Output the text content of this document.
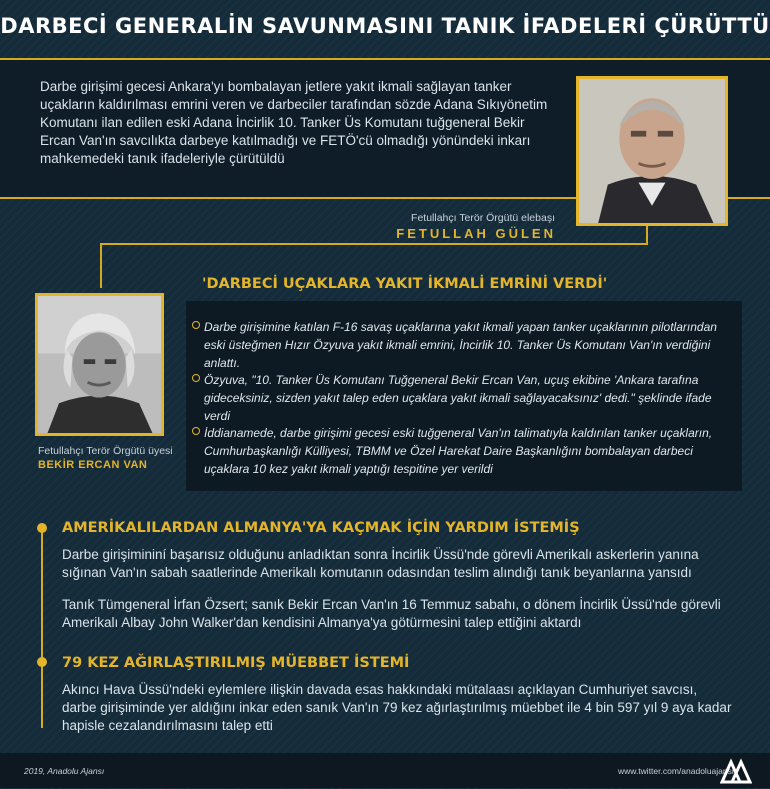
DARBECİ GENERALİN SAVUNMASINI TANIK İFADELERİ ÇÜRÜTTÜ
Darbe girişimi gecesi Ankara'yı bombalayan jetlere yakıt ikmali sağlayan tanker uçakların kaldırılması emrini veren ve darbeciler tarafından sözde Adana Sıkıyönetim Komutanı ilan edilen eski Adana İncirlik 10. Tanker Üs Komutanı tuğgeneral Bekir Ercan Van'ın savcılıkta darbeye katılmadığı ve FETÖ'cü olmadığı yönündeki inkarı mahkemedeki tanık ifadeleriyle çürütüldü
Fetullahçı Terör Örgütü elebaşı
FETULLAH GÜLEN
Fetullahçı Terör Örgütü üyesi
BEKİR ERCAN VAN
'DARBECİ UÇAKLARA YAKIT İKMALİ EMRİNİ VERDİ'
Darbe girişimine katılan F-16 savaş uçaklarına yakıt ikmali yapan tanker uçaklarının pilotlarından eski üsteğmen Hızır Özyuva yakıt ikmali emrini, İncirlik 10. Tanker Üs Komutanı Van'ın verdiğini anlattı.
Özyuva, "10. Tanker Üs Komutanı Tuğgeneral Bekir Ercan Van, uçuş ekibine 'Ankara tarafına gideceksiniz, sizden yakıt talep eden uçaklara yakıt ikmali sağlayacaksınız' dedi." şeklinde ifade verdi
İddianamede, darbe girişimi gecesi eski tuğgeneral Van'ın talimatıyla kaldırılan tanker uçakların, Cumhurbaşkanlığı Külliyesi, TBMM ve Özel Harekat Daire Başkanlığını bombalayan darbeci uçaklara 10 kez yakıt ikmali yaptığı tespitine yer verildi
AMERİKALILARDAN ALMANYA'YA KAÇMAK İÇİN YARDIM İSTEMİŞ
Darbe girişimininí başarısız olduğunu anladıktan sonra İncirlik Üssü'nde görevli Amerikalı askerlerin yanına sığınan Van'ın sabah saatlerinde Amerikalı komutanın odasından teslim alındığı tanık beyanlarına yansıdı
Tanık Tümgeneral İrfan Özsert; sanık Bekir Ercan Van'ın 16 Temmuz sabahı, o dönem İncirlik Üssü'nde görevli Amerikalı Albay John Walker'dan kendisini Almanya'ya götürmesini talep ettiğini aktardı
79 KEZ AĞIRLAŞTIRILMIŞ MÜEBBET İSTEMİ
Akıncı Hava Üssü'ndeki eylemlere ilişkin davada esas hakkındaki mütalaası açıklayan Cumhuriyet savcısı, darbe girişiminde yer aldığını inkar eden sanık Van'ın 79 kez ağırlaştırılmış müebbet ile 4 bin 597 yıl 9 aya kadar hapisle cezalandırılmasını talep etti
2019, Anadolu Ajansı	www.twitter.com/anadoluajansi
